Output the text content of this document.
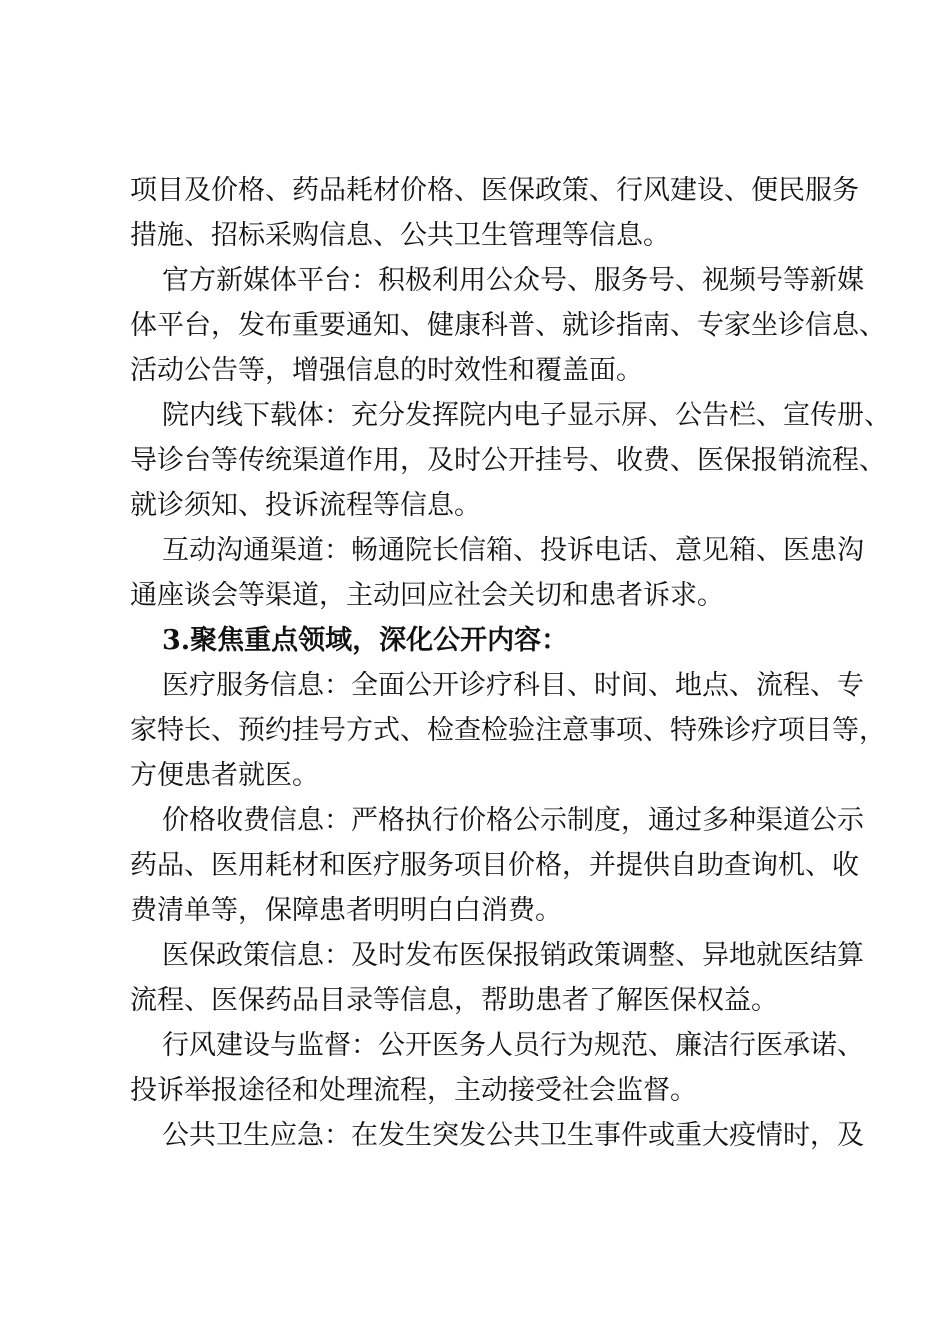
项目及价格、药品耗材价格、医保政策、行风建设、便民服务
措施、招标采购信息、公共卫生管理等信息。
官方新媒体平台：积极利用公众号、服务号、视频号等新媒
体平台，发布重要通知、健康科普、就诊指南、专家坐诊信息、
活动公告等，增强信息的时效性和覆盖面。
院内线下载体：充分发挥院内电子显示屏、公告栏、宣传册、
导诊台等传统渠道作用，及时公开挂号、收费、医保报销流程、
就诊须知、投诉流程等信息。
互动沟通渠道：畅通院长信箱、投诉电话、意见箱、医患沟
通座谈会等渠道，主动回应社会关切和患者诉求。
3.聚焦重点领域，深化公开内容：
医疗服务信息：全面公开诊疗科目、时间、地点、流程、专
家特长、预约挂号方式、检查检验注意事项、特殊诊疗项目等，
方便患者就医。
价格收费信息：严格执行价格公示制度，通过多种渠道公示
药品、医用耗材和医疗服务项目价格，并提供自助查询机、收
费清单等，保障患者明明白白消费。
医保政策信息：及时发布医保报销政策调整、异地就医结算
流程、医保药品目录等信息，帮助患者了解医保权益。
行风建设与监督：公开医务人员行为规范、廉洁行医承诺、
投诉举报途径和处理流程，主动接受社会监督。
公共卫生应急：在发生突发公共卫生事件或重大疫情时，及
